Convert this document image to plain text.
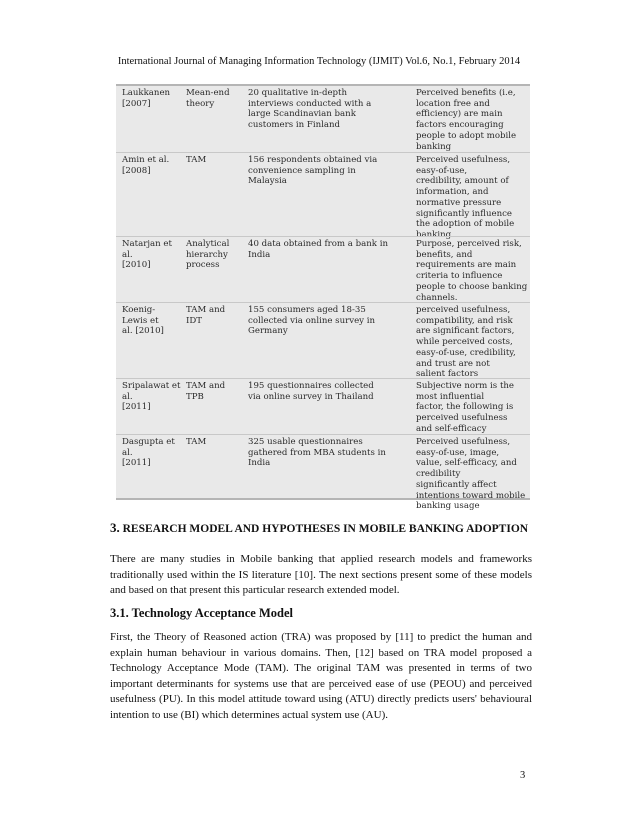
International Journal of Managing Information Technology (IJMIT) Vol.6, No.1, February 2014
Laukkanen
[2007]
Mean-end
theory
20 qualitative in-depth
interviews conducted with a
large Scandinavian bank
customers in Finland
Perceived benefits (i.e,
location free and
efficiency) are main
factors encouraging
people to adopt mobile
banking
Amin et al.
[2008]
TAM	156 respondents obtained via
convenience sampling in
Malaysia
Perceived usefulness,
easy-of-use,
credibility, amount of
information, and
normative pressure
significantly influence
the adoption of mobile
banking
Natarjan et
al.
[2010]
Analytical
hierarchy
process
40 data obtained from a bank in
India
Purpose, perceived risk,
benefits, and
requirements are main
criteria to influence
people to choose banking
channels.
Koenig-
Lewis et
al. [2010]
TAM and
IDT
155 consumers aged 18-35
collected via online survey in
Germany
perceived usefulness,
compatibility, and risk
are significant factors,
while perceived costs,
easy-of-use, credibility,
and trust are not
salient factors
Sripalawat et
al.
[2011]
TAM and
TPB
195 questionnaires collected
via online survey in Thailand
Subjective norm is the
most influential
factor, the following is
perceived usefulness
and self-efficacy
Dasgupta et
al.
[2011]
TAM	325 usable questionnaires
gathered from MBA students in
India
Perceived usefulness,
easy-of-use, image,
value, self-efficacy, and
credibility
significantly affect
intentions toward mobile
banking usage
3. RESEARCH MODEL AND HYPOTHESES IN MOBILE BANKING ADOPTION
There are many studies in Mobile banking that applied research models and frameworks traditionally used within the IS literature [10]. The next sections present some of these models and based on that present this particular research extended model.
3.1. Technology Acceptance Model
First, the Theory of Reasoned action (TRA) was proposed by [11] to predict the human and explain human behaviour in various domains. Then, [12] based on TRA model proposed a Technology Acceptance Mode (TAM). The original TAM was presented in terms of two important determinants for systems use that are perceived ease of use (PEOU) and perceived usefulness (PU). In this model attitude toward using (ATU) directly predicts users' behavioural intention to use (BI) which determines actual system use (AU).
3
